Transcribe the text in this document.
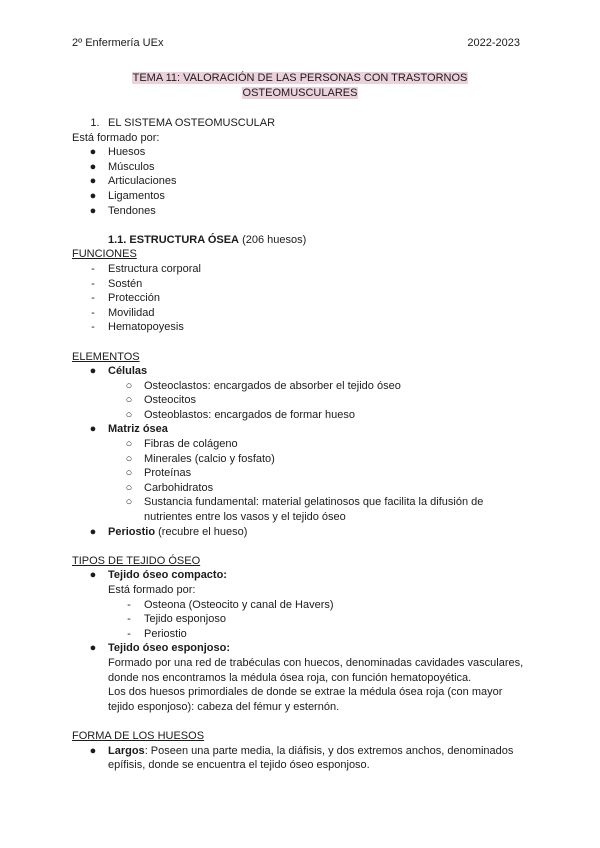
2º Enfermería UEx	2022-2023
TEMA 11: VALORACIÓN DE LAS PERSONAS CON TRASTORNOS
OSTEOMUSCULARES
1. EL SISTEMA OSTEOMUSCULAR
Está formado por:
●	Huesos
●	Músculos
●	Articulaciones
●	Ligamentos
●	Tendones
1.1. ESTRUCTURA ÓSEA (206 huesos)
FUNCIONES
-	Estructura corporal
-	Sostén
-	Protección
-	Movilidad
-	Hematopoyesis
ELEMENTOS
●	Células
○	Osteoclastos: encargados de absorber el tejido óseo
○	Osteocitos
○	Osteoblastos: encargados de formar hueso
●	Matriz ósea
○	Fibras de colágeno
○	Minerales (calcio y fosfato)
○	Proteínas
○	Carbohidratos
○	Sustancia fundamental: material gelatinosos que facilita la difusión de nutrientes entre los vasos y el tejido óseo
●	Periostio (recubre el hueso)
TIPOS DE TEJIDO ÓSEO
●	Tejido óseo compacto:
Está formado por:
-	Osteona (Osteocito y canal de Havers)
-	Tejido esponjoso
-	Periostio
●	Tejido óseo esponjoso:
Formado por una red de trabéculas con huecos, denominadas cavidades vasculares, donde nos encontramos la médula ósea roja, con función hematopoyética.
Los dos huesos primordiales de donde se extrae la médula ósea roja (con mayor tejido esponjoso): cabeza del fémur y esternón.
FORMA DE LOS HUESOS
●	Largos: Poseen una parte media, la diáfisis, y dos extremos anchos, denominados epífisis, donde se encuentra el tejido óseo esponjoso.
